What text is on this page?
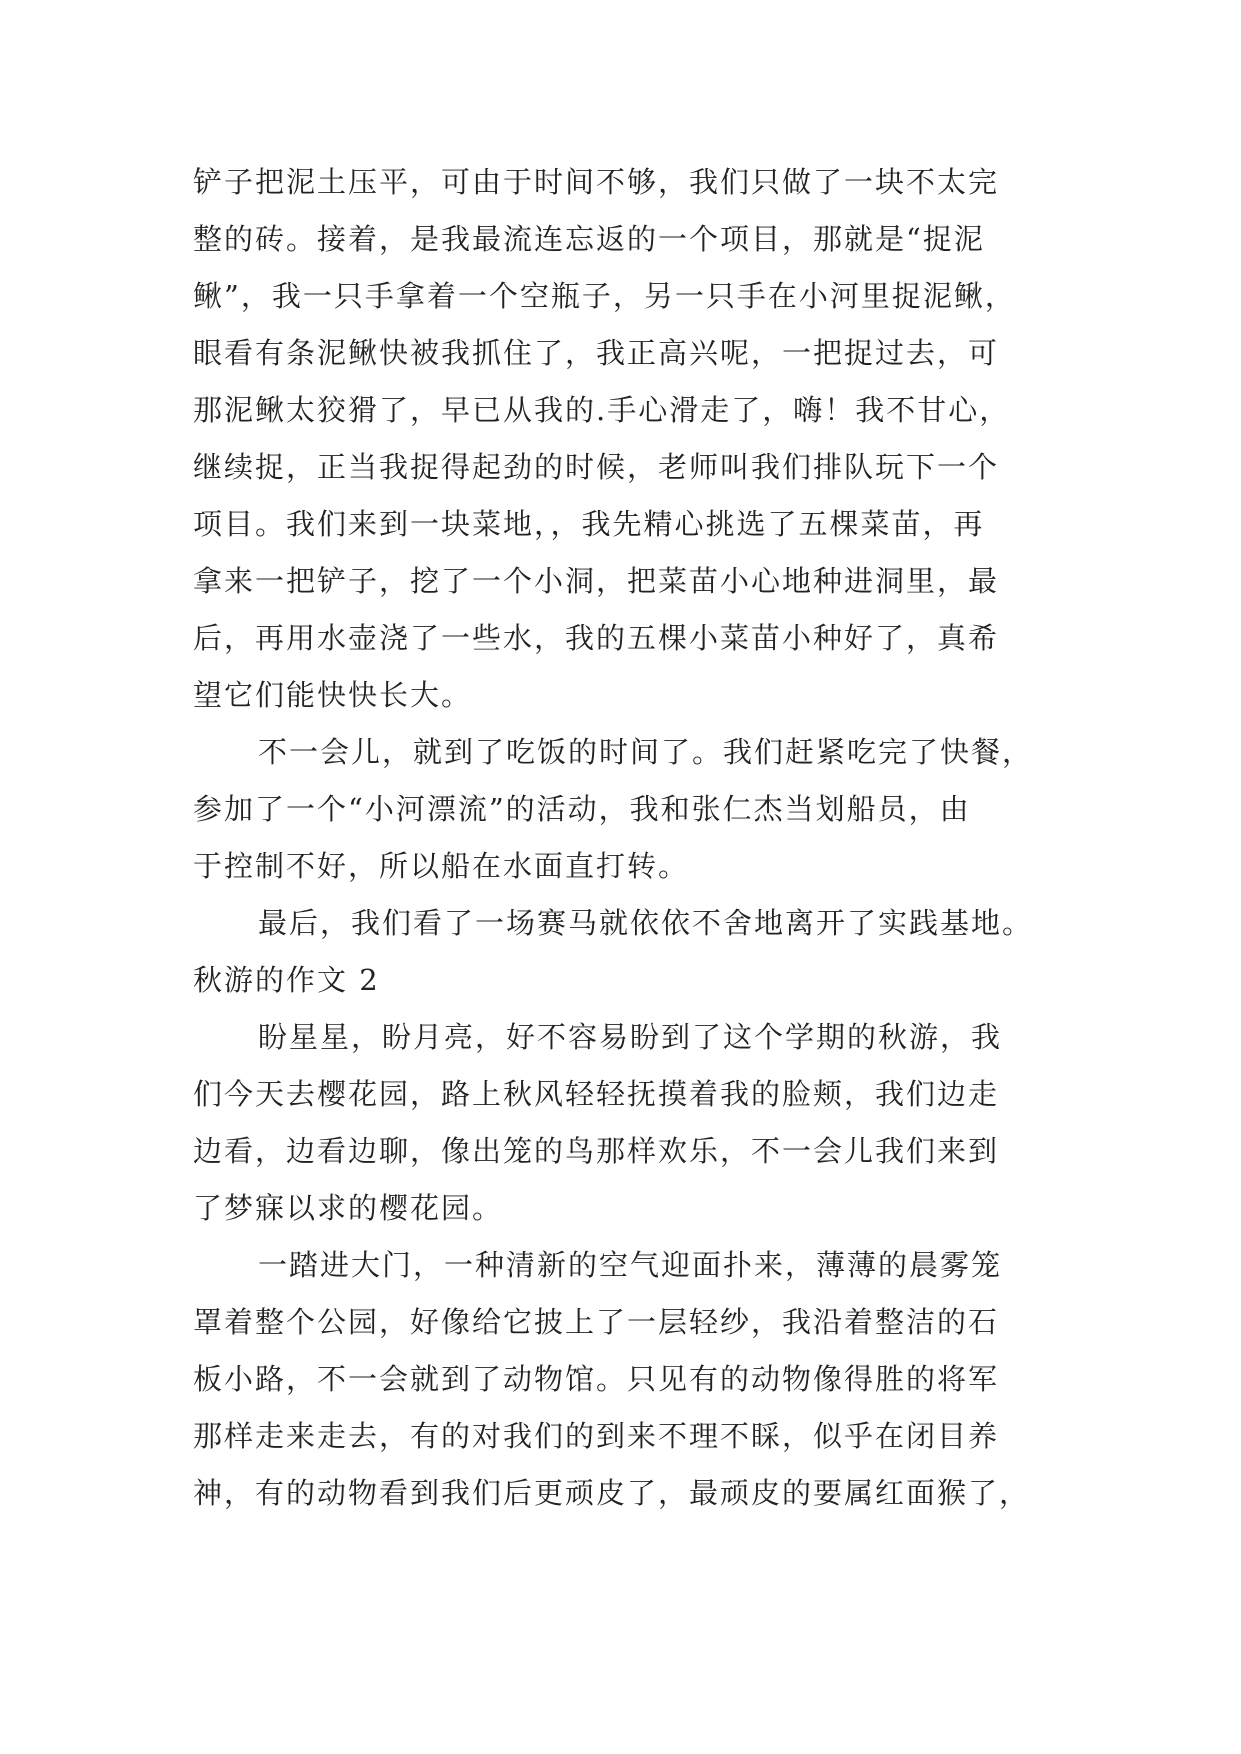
铲子把泥土压平，可由于时间不够，我们只做了一块不太完
整的砖。接着，是我最流连忘返的一个项目，那就是“捉泥
鳅”，我一只手拿着一个空瓶子，另一只手在小河里捉泥鳅，
眼看有条泥鳅快被我抓住了，我正高兴呢，一把捉过去，可
那泥鳅太狡猾了，早已从我的.手心滑走了，嗨！我不甘心，
继续捉，正当我捉得起劲的时候，老师叫我们排队玩下一个
项目。我们来到一块菜地，，我先精心挑选了五棵菜苗，再
拿来一把铲子，挖了一个小洞，把菜苗小心地种进洞里，最
后，再用水壶浇了一些水，我的五棵小菜苗小种好了，真希
望它们能快快长大。
不一会儿，就到了吃饭的时间了。我们赶紧吃完了快餐，
参加了一个“小河漂流”的活动，我和张仁杰当划船员，由
于控制不好，所以船在水面直打转。
最后，我们看了一场赛马就依依不舍地离开了实践基地。
秋游的作文 2
盼星星，盼月亮，好不容易盼到了这个学期的秋游，我
们今天去樱花园，路上秋风轻轻抚摸着我的脸颊，我们边走
边看，边看边聊，像出笼的鸟那样欢乐，不一会儿我们来到
了梦寐以求的樱花园。
一踏进大门，一种清新的空气迎面扑来，薄薄的晨雾笼
罩着整个公园，好像给它披上了一层轻纱，我沿着整洁的石
板小路，不一会就到了动物馆。只见有的动物像得胜的将军
那样走来走去，有的对我们的到来不理不睬，似乎在闭目养
神，有的动物看到我们后更顽皮了，最顽皮的要属红面猴了，
